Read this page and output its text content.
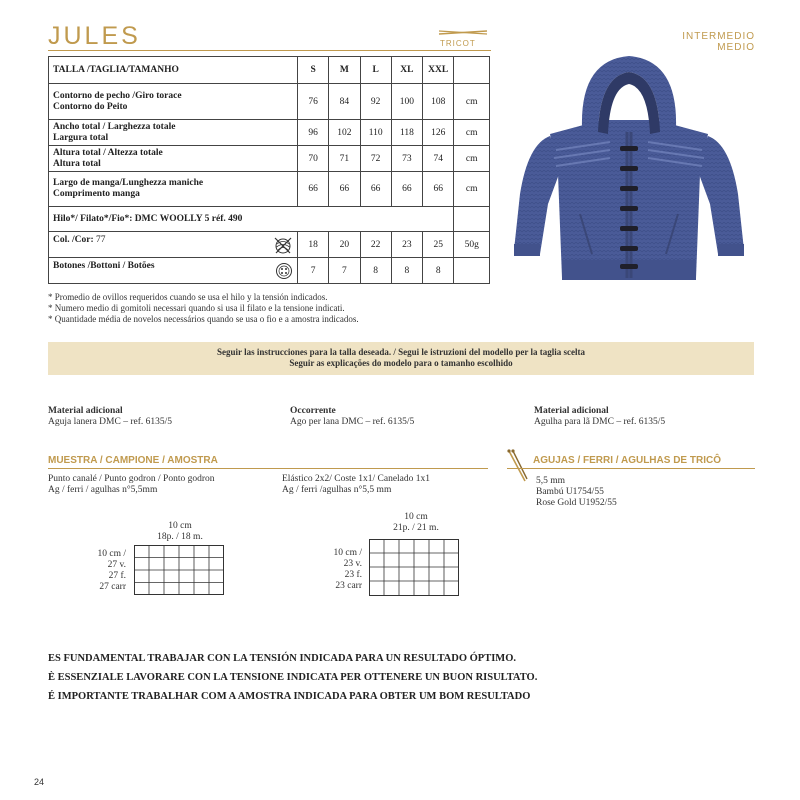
JULES	TRICOT
INTERMEDIO
MEDIO
TALLA /TAGLIA/TAMANHO	S	M	L	XL	XXL	

Contorno de pecho /Giro torace
Contorno do Peito	76	84	92	100	108	cm

Ancho total / Larghezza totale
Largura total	96	102	110	118	126	cm

Altura total / Altezza totale
Altura total	70	71	72	73	74	cm

Largo de manga/Lunghezza maniche
Comprimento manga	66	66	66	66	66	cm
Hilo*/ Filato*/Fio*: DMC WOOLLY 5 réf. 490						
Col. /Cor: 77	18	20	22	23	25	50g
Botones /Bottoni / Botões	7	7	8	8	8	
* Promedio de ovillos requeridos cuando se usa el hilo y la tensión indicados.
* Numero medio di gomitoli necessari quando si usa il filato e la tensione indicati.
* Quantidade média de novelos necessários quando se usa o fio e a amostra indicados.
Seguir las instrucciones para la talla deseada. / Segui le istruzioni del modello per la taglia scelta
Seguir as explicações do modelo para o tamanho escolhido
Material adicional
Aguja lanera DMC – ref. 6135/5
Occorrente
Ago per lana DMC – ref. 6135/5
Material adicional
Agulha para lã DMC – ref. 6135/5
MUESTRA / CAMPIONE / AMOSTRA	AGUJAS / FERRI / AGULHAS DE TRICÔ
Punto canalé / Punto godron / Ponto godron
Ag / ferri / agulhas n°5,5mm
Elástico 2x2/ Coste 1x1/ Canelado 1x1
Ag / ferri /agulhas n°5,5 mm
5,5 mm
Bambú U1754/55
Rose Gold U1952/55
10 cm
18p. / 18 m.
10 cm /
27 v.
27 f.
27 carr
10 cm
21p. / 21 m.
10 cm /
23 v.
23 f.
23 carr
ES FUNDAMENTAL TRABAJAR CON LA TENSIÓN INDICADA PARA UN RESULTADO ÓPTIMO.
È ESSENZIALE LAVORARE CON LA TENSIONE INDICATA PER OTTENERE UN BUON RISULTATO.
É IMPORTANTE TRABALHAR COM A AMOSTRA INDICADA PARA OBTER UM BOM RESULTADO
24
